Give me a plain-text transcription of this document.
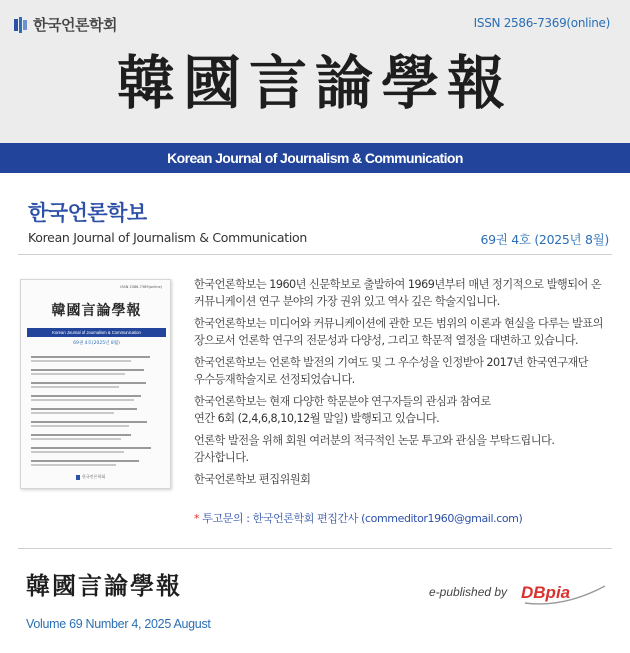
한국언론학회	ISSN 2586-7369(online)
韓國言論學報
Korean Journal of Journalism & Communication
한국언론학보
Korean Journal of Journalism & Communication	69권 4호 (2025년 8월)
ISSN 2586-7369(online)
韓國言論學報
Korean Journal of Journalism & Communication
69권 4호(2025년 8월)
한국언론학회

한국언론학보는 1960년 신문학보로 출발하여 1969년부터 매년 정기적으로 발행되어 온
커뮤니케이션 연구 분야의 가장 권위 있고 역사 깊은 학술지입니다.

한국언론학보는 미디어와 커뮤니케이션에 관한 모든 범위의 이론과 현실을 다루는 발표의
장으로서 언론학 연구의 전문성과 다양성, 그리고 학문적 열정을 대변하고 있습니다.

한국언론학보는 언론학 발전의 기여도 및 그 우수성을 인정받아 2017년 한국연구재단
우수등재학술지로 선정되었습니다.

한국언론학보는 현재 다양한 학문분야 연구자들의 관심과 참여로
연간 6회 (2,4,6,8,10,12월 말일) 발행되고 있습니다.

언론학 발전을 위해 회원 여러분의 적극적인 논문 투고와 관심을 부탁드립니다.
감사합니다.

한국언론학보 편집위원회

* 투고문의 : 한국언론학회 편집간사 (commeditor1960@gmail.com)
韓國言論學報
Volume 69 Number 4, 2025 August
e-published by DBpia
